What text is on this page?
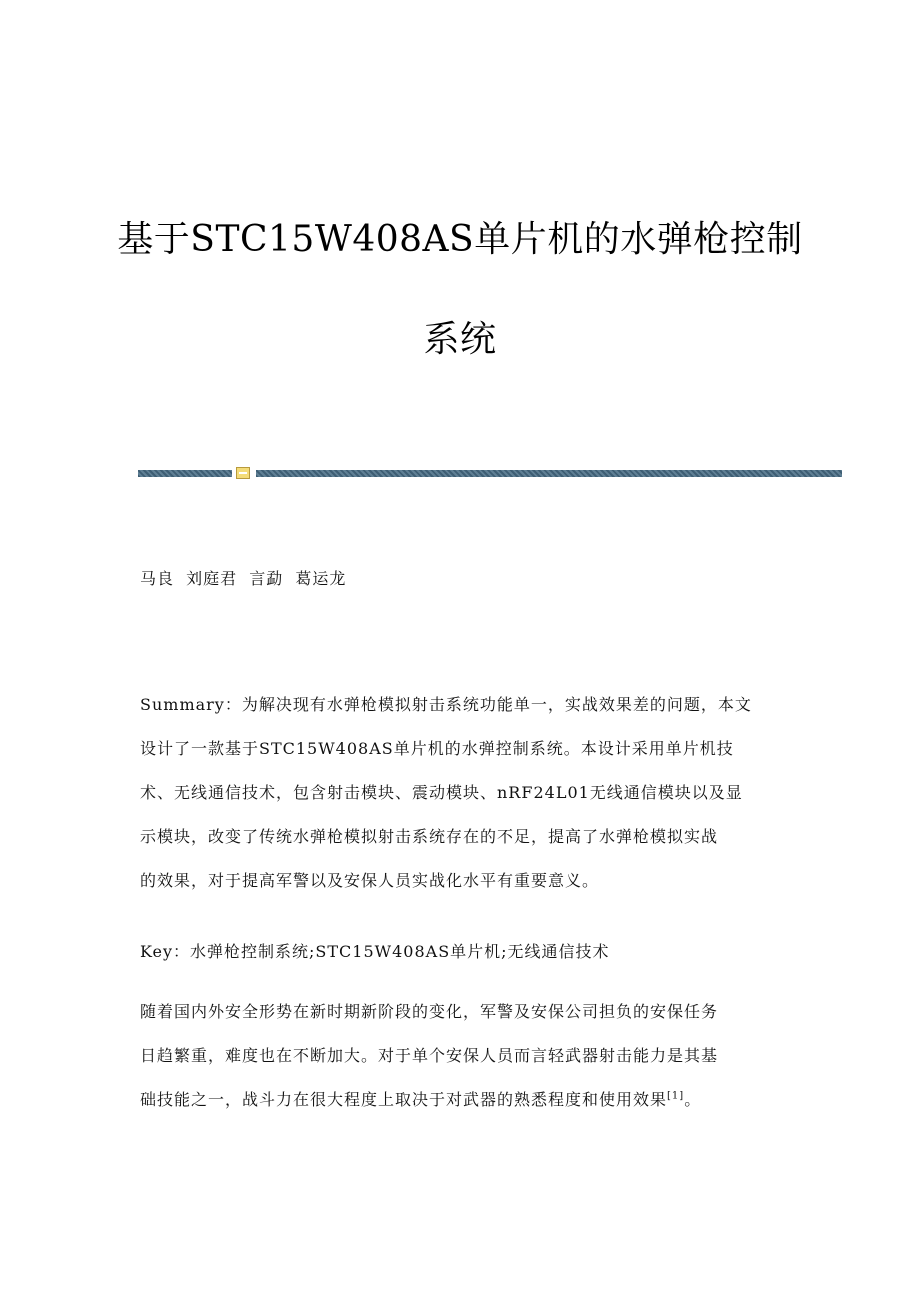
基于STC15W408AS单片机的水弹枪控制
系统
马良 刘庭君 言勐 葛运龙

Summary：为解决现有水弹枪模拟射击系统功能单一，实战效果差的问题，本文
设计了一款基于STC15W408AS单片机的水弹控制系统。本设计采用单片机技
术、无线通信技术，包含射击模块、震动模块、nRF24L01无线通信模块以及显
示模块，改变了传统水弹枪模拟射击系统存在的不足，提高了水弹枪模拟实战
的效果，对于提高军警以及安保人员实战化水平有重要意义。

Key：水弹枪控制系统;STC15W408AS单片机;无线通信技术

随着国内外安全形势在新时期新阶段的变化，军警及安保公司担负的安保任务
日趋繁重，难度也在不断加大。对于单个安保人员而言轻武器射击能力是其基
础技能之一，战斗力在很大程度上取决于对武器的熟悉程度和使用效果[1]。
